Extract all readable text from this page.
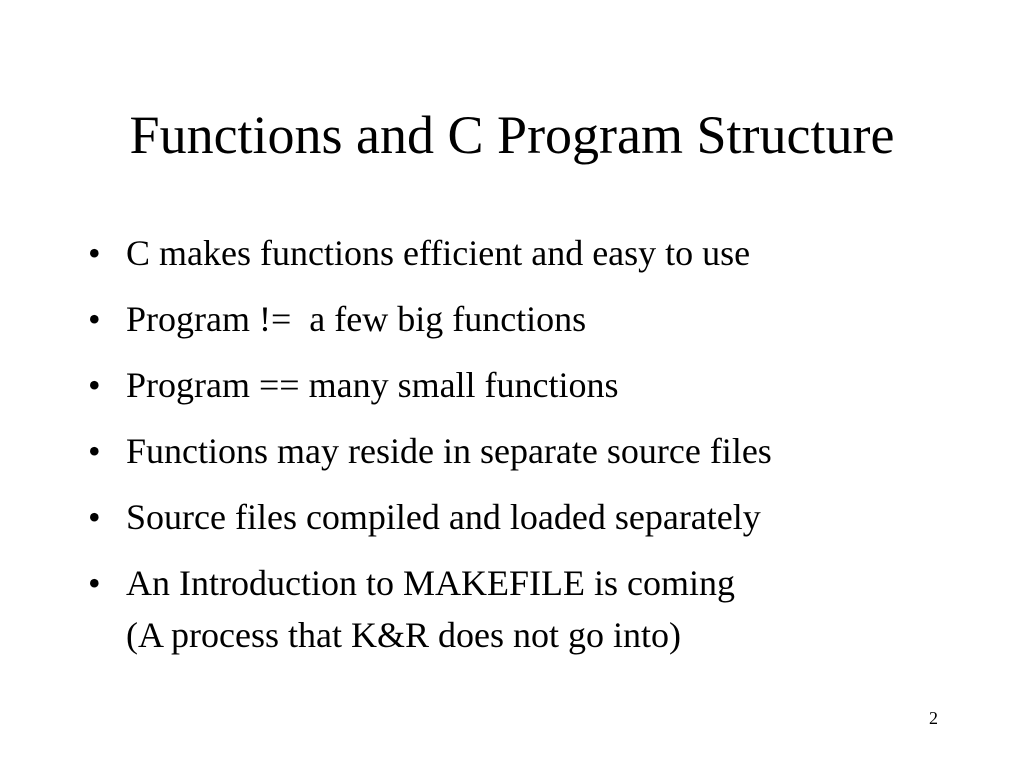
Functions and C Program Structure
• C makes functions efficient and easy to use
• Program !=  a few big functions
• Program == many small functions
• Functions may reside in separate source files
• Source files compiled and loaded separately
• An Introduction to MAKEFILE is coming
(A process that K&R does not go into)
2
